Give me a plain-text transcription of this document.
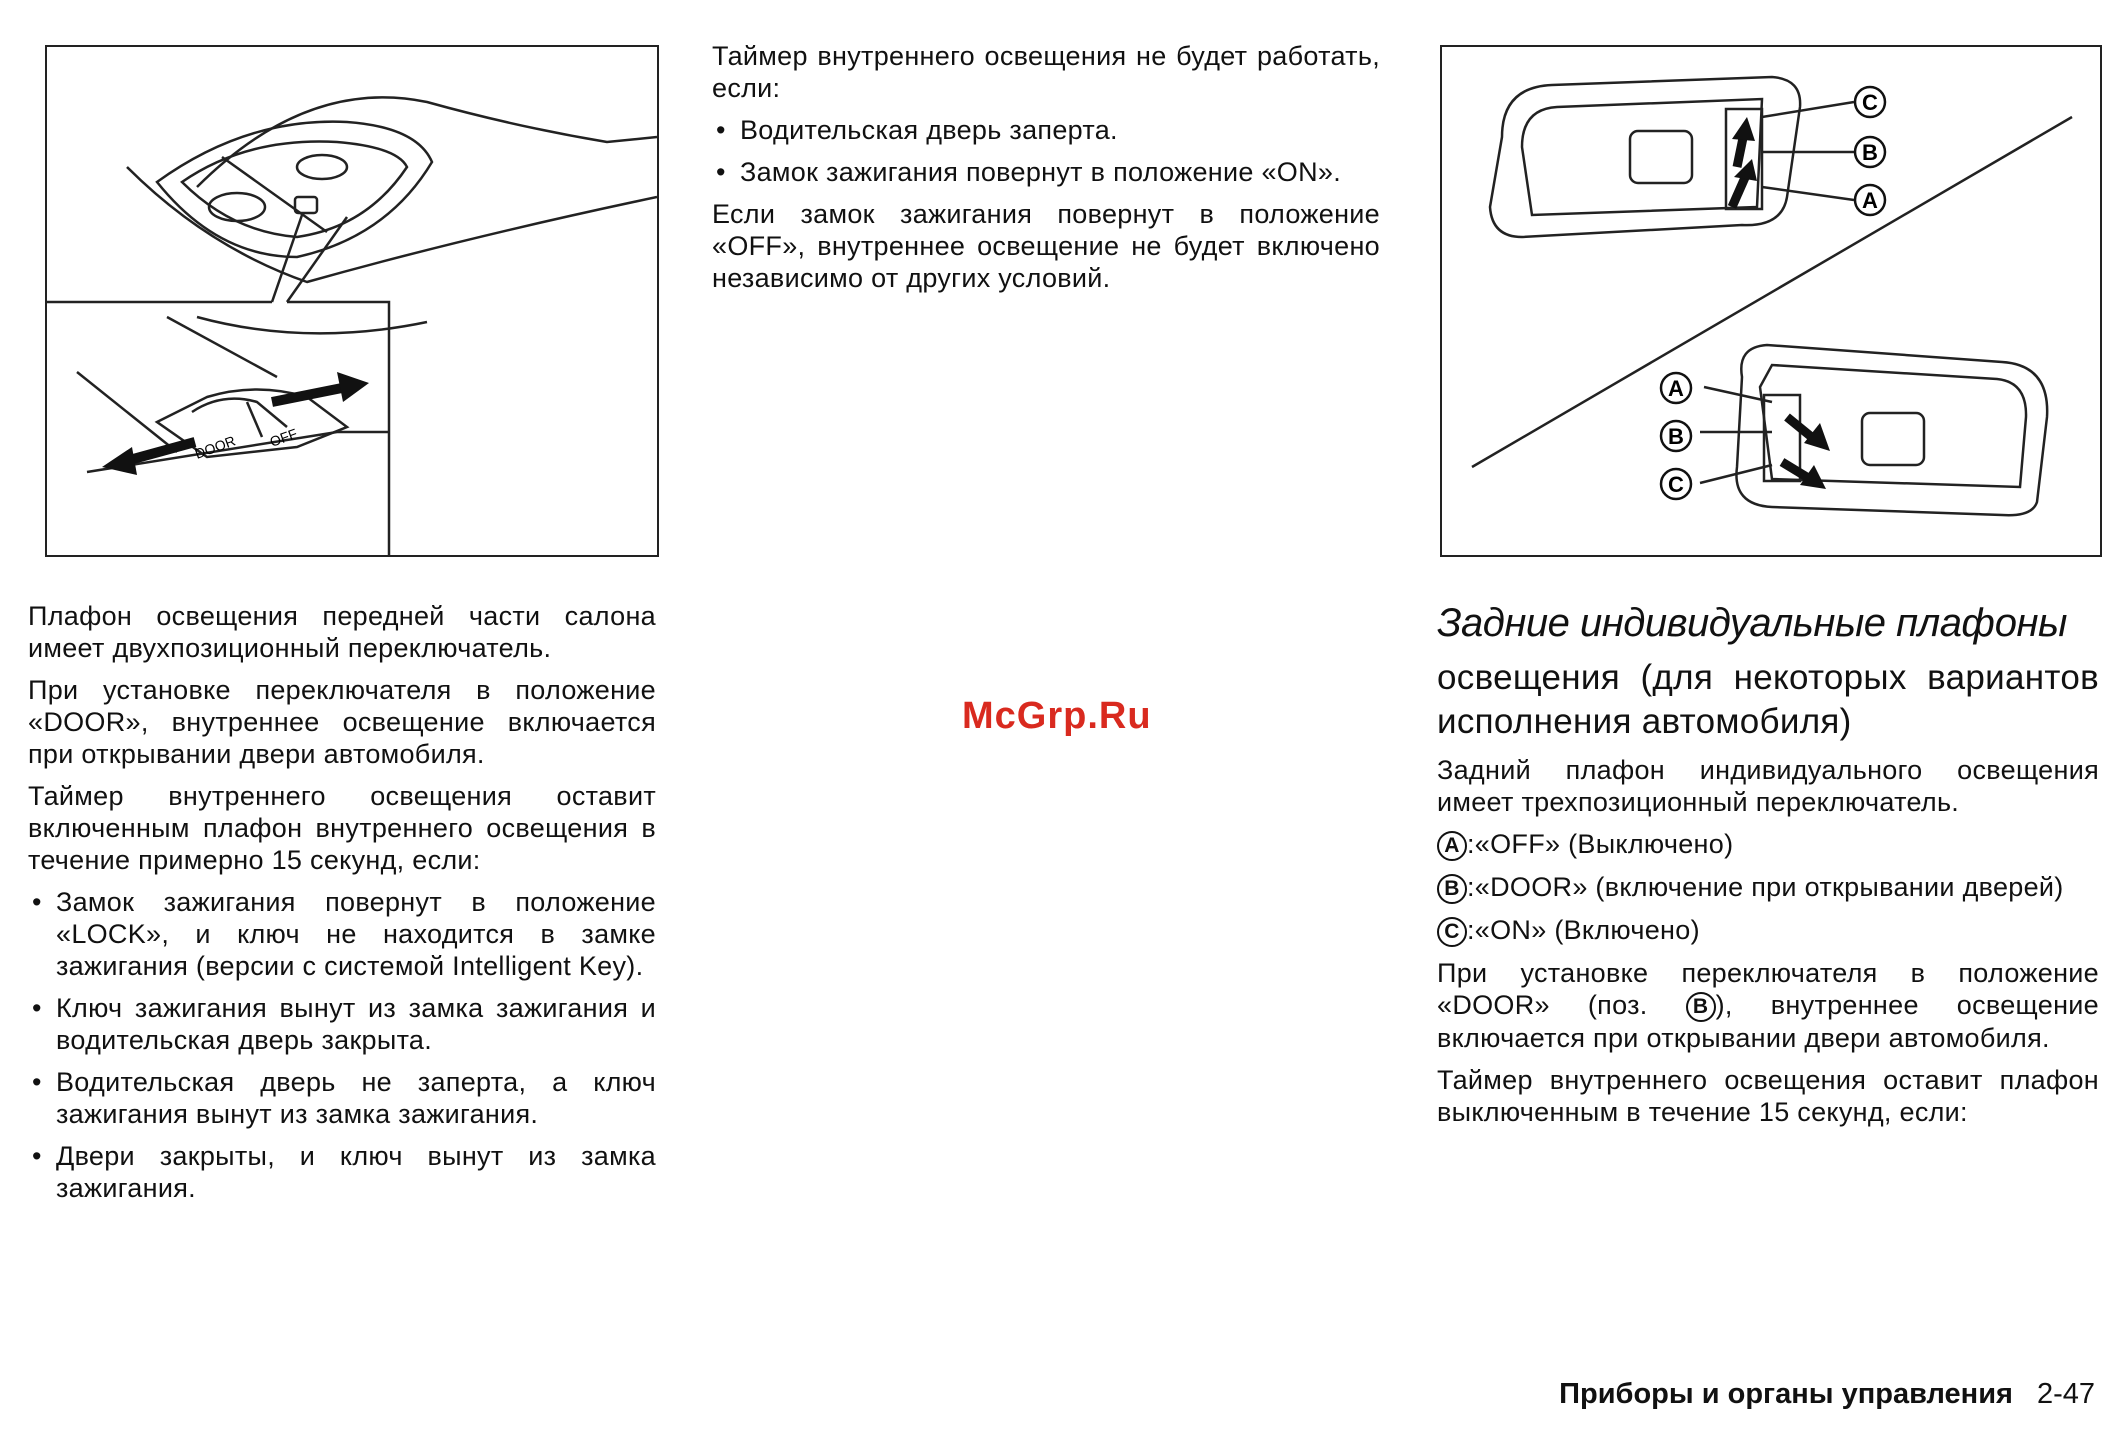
DOOR OFF
C
B
A
A
B
C

Плафон освещения передней части салона имеет двухпозиционный переключатель.

При установке переключателя в положение «DOOR», внутреннее освещение включается при открывании двери автомобиля.

Таймер внутреннего освещения оставит включенным плафон внутреннего освещения в течение примерно 15 секунд, если:

• Замок зажигания повернут в положение «LOCK», и ключ не находится в замке зажигания (версии с системой Intelligent Key).
• Ключ зажигания вынут из замка зажигания и водительская дверь закрыта.
• Водительская дверь не заперта, а ключ зажигания вынут из замка зажигания.
• Двери закрыты, и ключ вынут из замка зажигания.

Таймер внутреннего освещения не будет работать, если:

• Водительская дверь заперта.
• Замок зажигания повернут в положение «ON».

Если замок зажигания повернут в положение «OFF», внутреннее освещение не будет включено независимо от других условий.

Задние индивидуальные плафоны

освещения (для некоторых вариантов исполнения автомобиля)

Задний плафон индивидуального освещения имеет трехпозиционный переключатель.

A :«OFF» (Выключено)

B :«DOOR» (включение при открывании дверей)

C :«ON» (Включено)

При установке переключателя в положение «DOOR» (поз. B ), внутреннее освещение включается при открывании двери автомобиля.

Таймер внутреннего освещения оставит плафон выключенным в течение 15 секунд, если:

McGrp.Ru
Приборы и органы управления 2-47
